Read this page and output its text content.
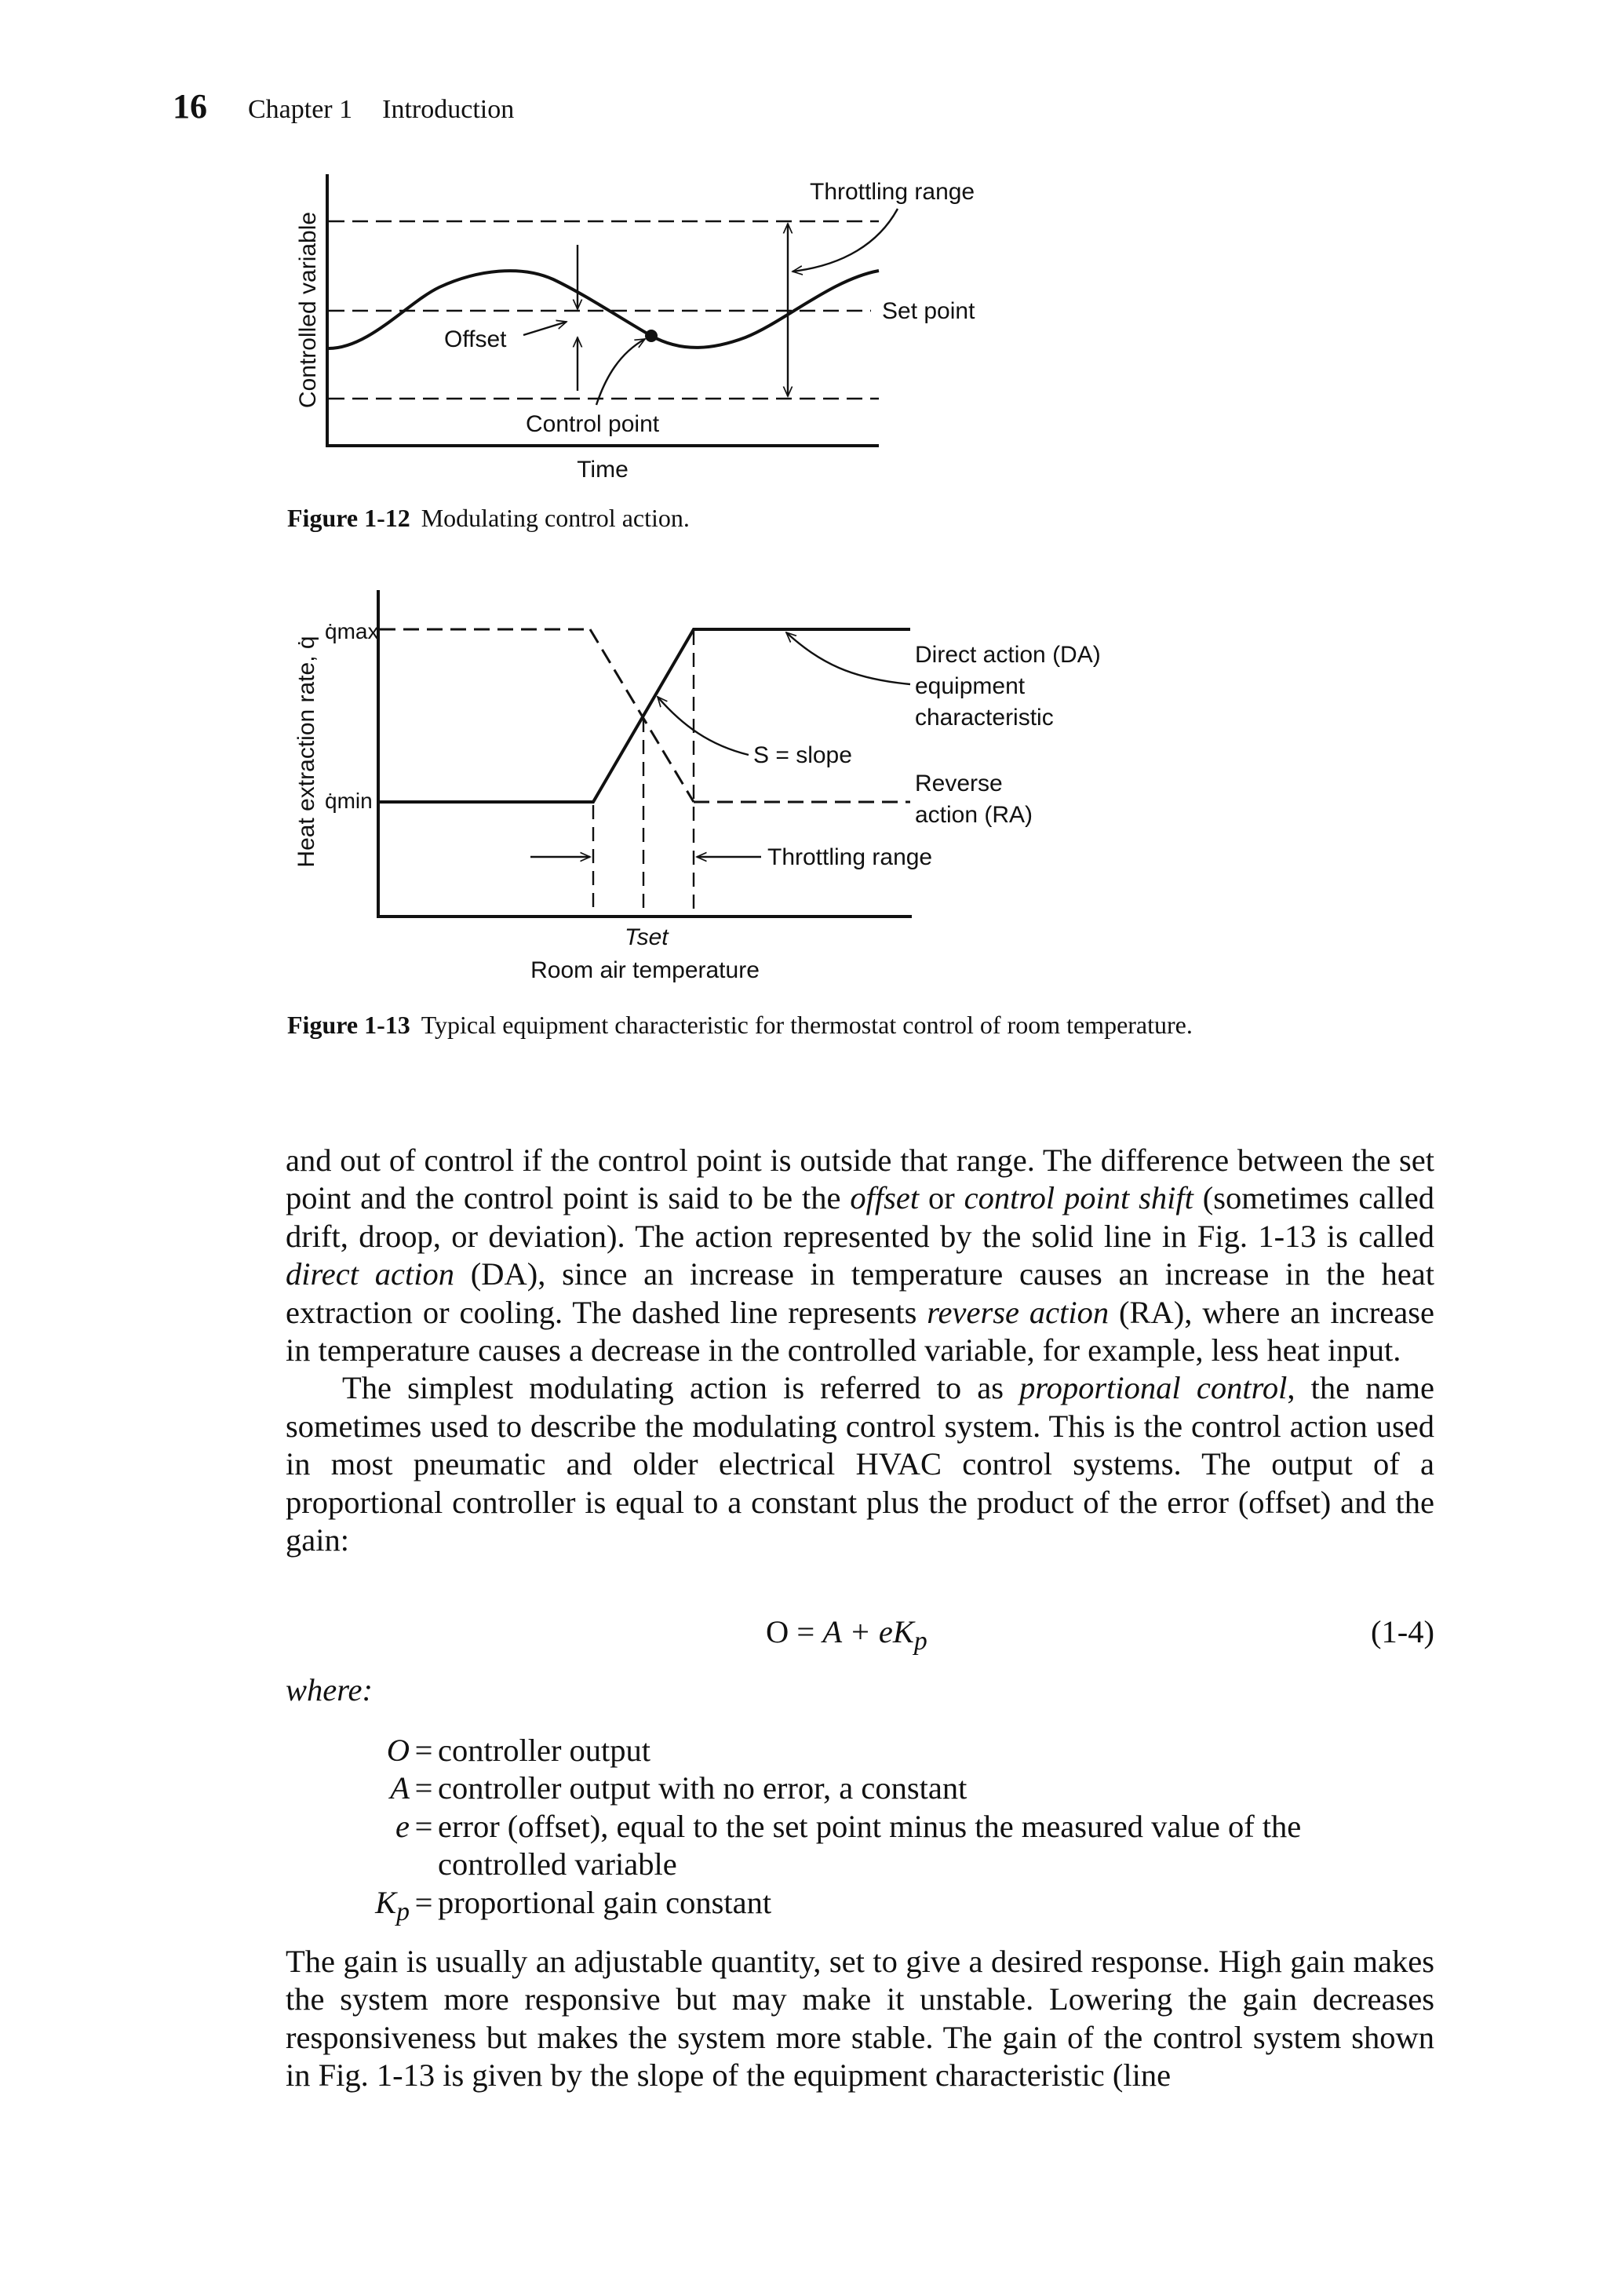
16 Chapter 1 Introduction
Controlled variable
Time
Throttling range
Set point
Offset
Control point
Figure 1-12 Modulating control action.
Heat extraction rate, q̇
q̇max
q̇min
Direct action (DA)
equipment
characteristic
S = slope
Reverse
action (RA)
Throttling range
Tset
Room air temperature
Figure 1-13 Typical equipment characteristic for thermostat control of room temperature.

and out of control if the control point is outside that range. The difference between the set point and the control point is said to be the offset or control point shift (sometimes called drift, droop, or deviation). The action represented by the solid line in Fig. 1-13 is called direct action (DA), since an increase in temperature causes an increase in the heat extraction or cooling. The dashed line represents reverse action (RA), where an increase in temperature causes a decrease in the controlled variable, for example, less heat input.

The simplest modulating action is referred to as proportional control, the name sometimes used to describe the modulating control system. This is the control action used in most pneumatic and older electrical HVAC control systems. The output of a proportional controller is equal to a constant plus the product of the error (offset) and the gain:

$O = A + eK_p$	(1-4)
where:
O = controller output
A = controller output with no error, a constant
e = error (offset), equal to the set point minus the measured value of the
controlled variable
$K_p$ = proportional gain constant

The gain is usually an adjustable quantity, set to give a desired response. High gain makes the system more responsive but may make it unstable. Lowering the gain decreases responsiveness but makes the system more stable. The gain of the control system shown in Fig. 1-13 is given by the slope of the equipment characteristic (line
